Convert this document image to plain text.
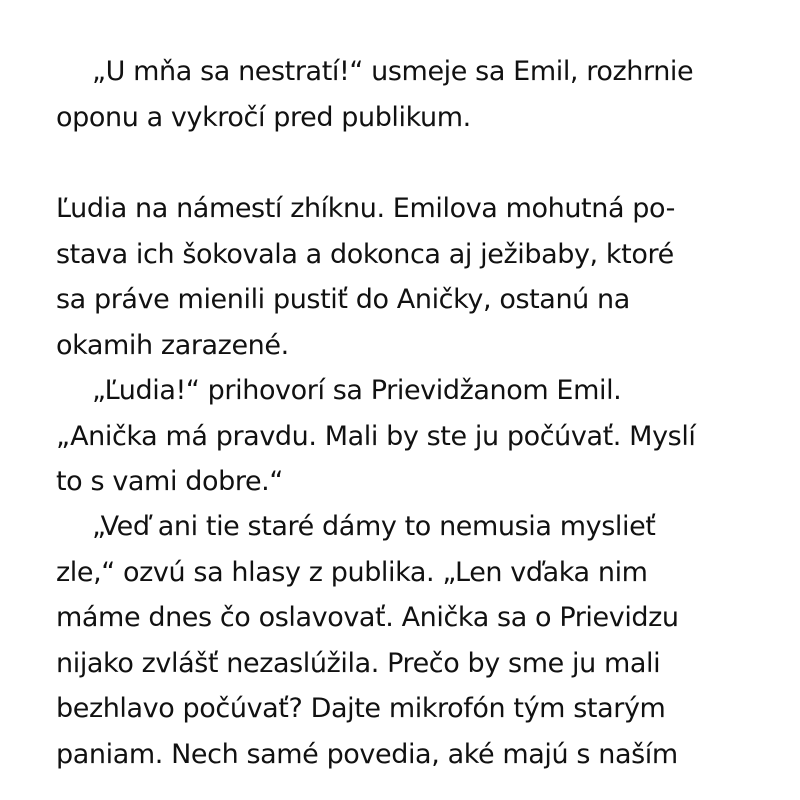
„U mňa sa nestratí!“ usmeje sa Emil, rozhrnie
oponu a vykročí pred publikum.
Ľudia na námestí zhíknu. Emilova mohutná po-
stava ich šokovala a dokonca aj ježibaby, ktoré
sa práve mienili pustiť do Aničky, ostanú na
okamih zarazené.
„Ľudia!“ prihovorí sa Prievidžanom Emil.
„Anička má pravdu. Mali by ste ju počúvať. Myslí
to s vami dobre.“
„Veď ani tie staré dámy to nemusia myslieť
zle,“ ozvú sa hlasy z publika. „Len vďaka nim
máme dnes čo oslavovať. Anička sa o Prievidzu
nijako zvlášť nezaslúžila. Prečo by sme ju mali
bezhlavo počúvať? Dajte mikrofón tým starým
paniam. Nech samé povedia, aké majú s naším
